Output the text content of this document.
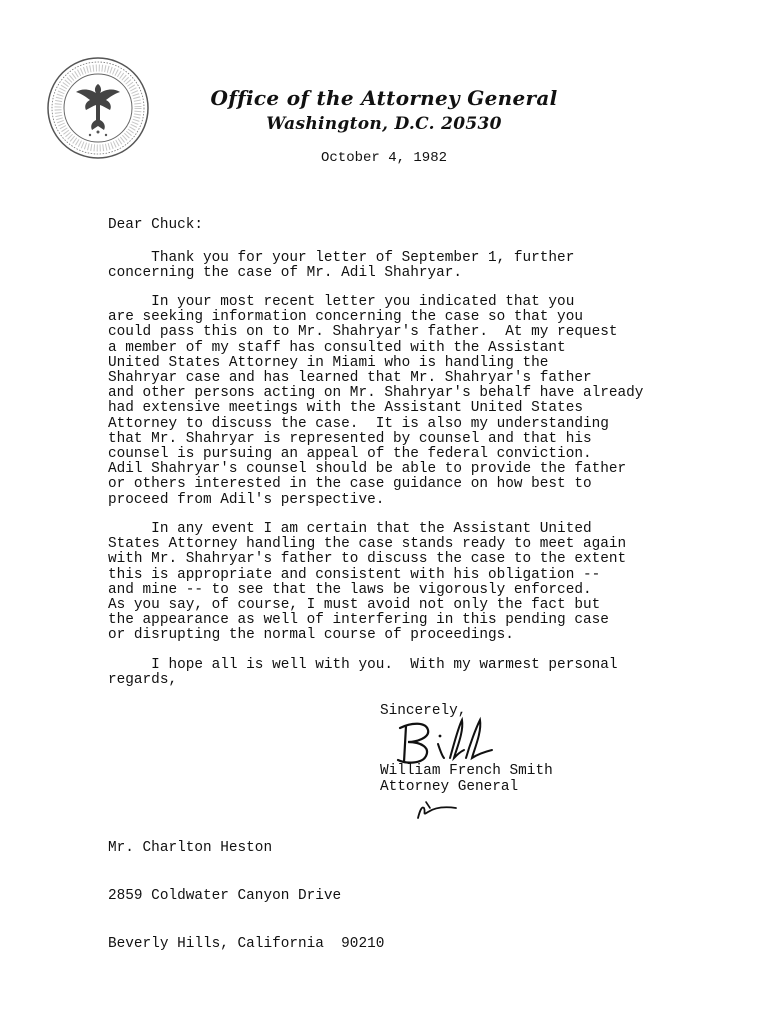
Office of the Attorney General
Washington, D.C. 20530
October 4, 1982
Dear Chuck:
Thank you for your letter of September 1, further
concerning the case of Mr. Adil Shahryar.
In your most recent letter you indicated that you
are seeking information concerning the case so that you
could pass this on to Mr. Shahryar's father.  At my request
a member of my staff has consulted with the Assistant
United States Attorney in Miami who is handling the
Shahryar case and has learned that Mr. Shahryar's father
and other persons acting on Mr. Shahryar's behalf have already
had extensive meetings with the Assistant United States
Attorney to discuss the case.  It is also my understanding
that Mr. Shahryar is represented by counsel and that his
counsel is pursuing an appeal of the federal conviction.
Adil Shahryar's counsel should be able to provide the father
or others interested in the case guidance on how best to
proceed from Adil's perspective.
In any event I am certain that the Assistant United
States Attorney handling the case stands ready to meet again
with Mr. Shahryar's father to discuss the case to the extent
this is appropriate and consistent with his obligation --
and mine -- to see that the laws be vigorously enforced.
As you say, of course, I must avoid not only the fact but
the appearance as well of interfering in this pending case
or disrupting the normal course of proceedings.
I hope all is well with you.  With my warmest personal
regards,
Sincerely,
William French Smith
Attorney General

Mr. Charlton Heston

2859 Coldwater Canyon Drive

Beverly Hills, California  90210
